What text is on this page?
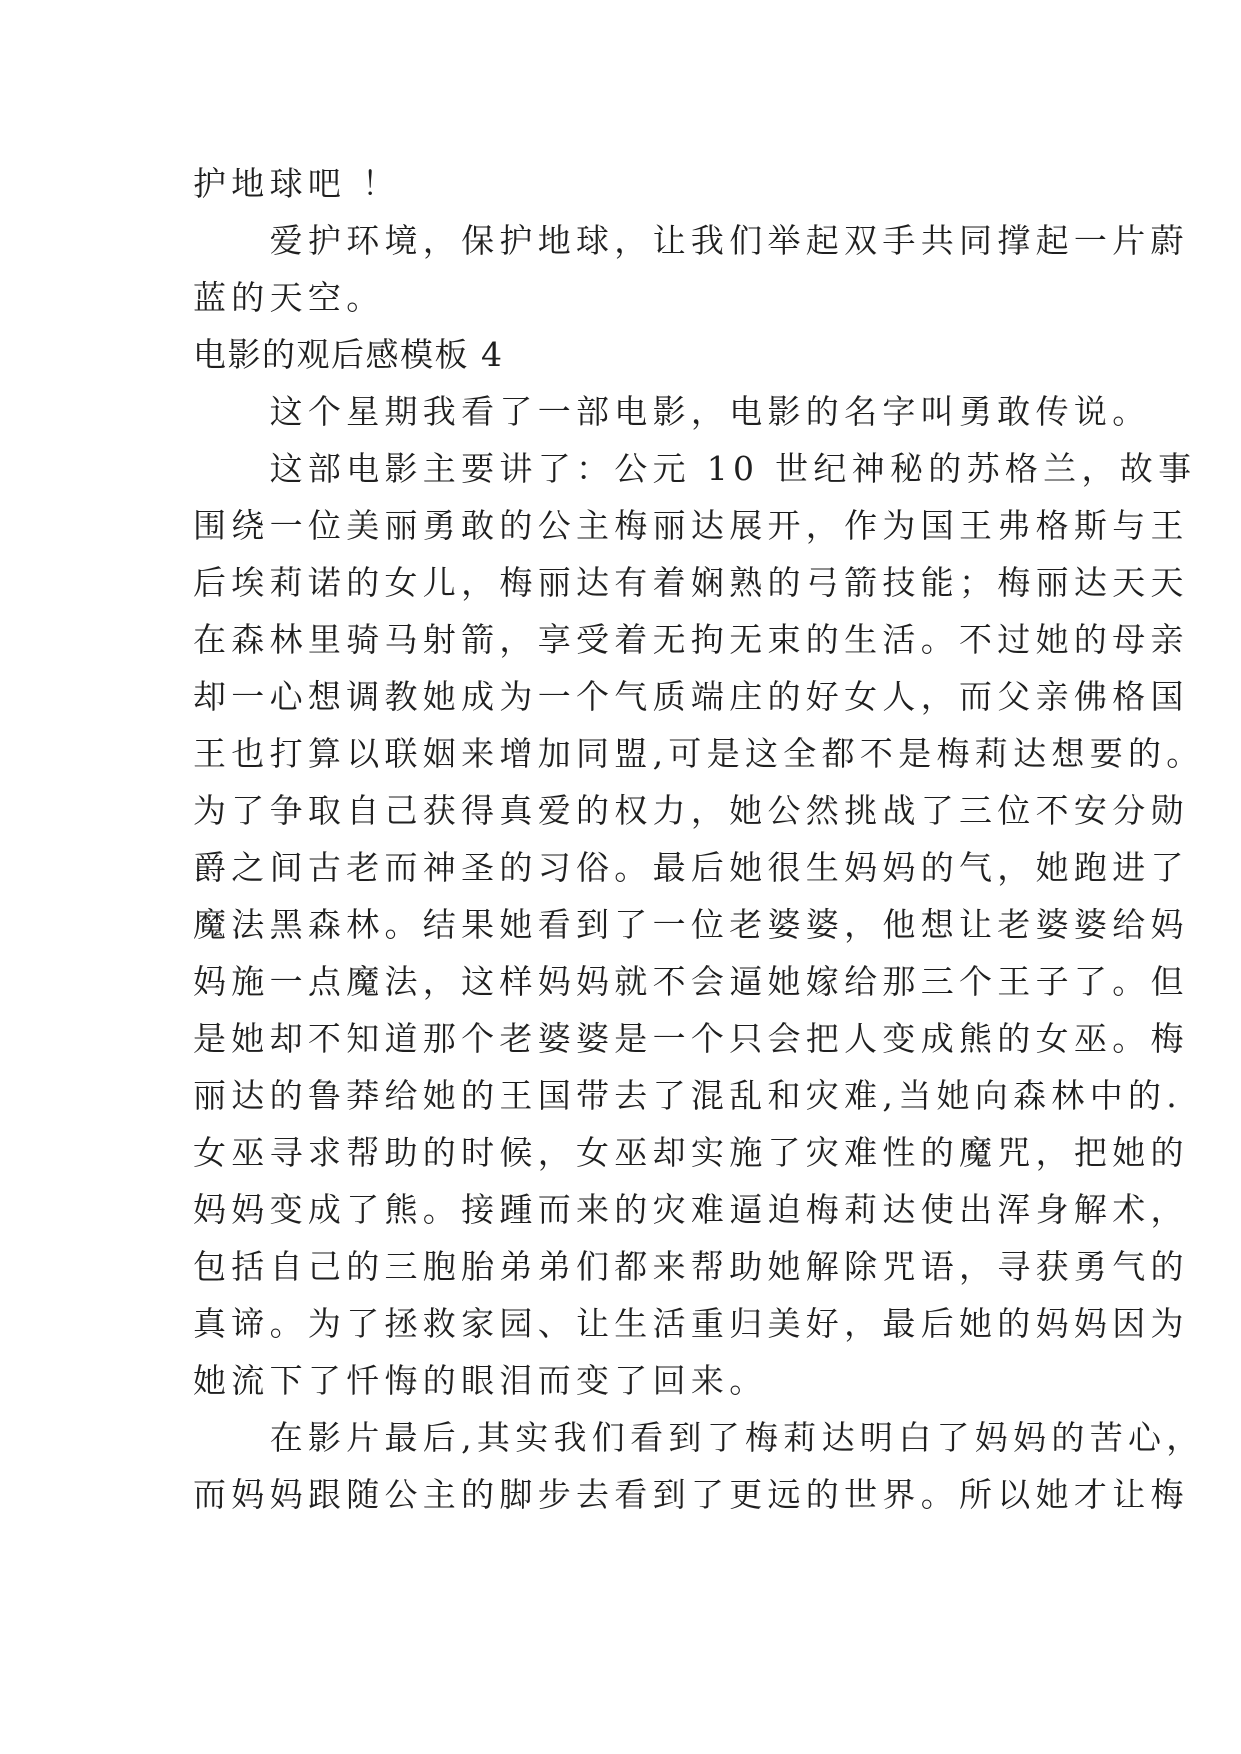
护地球吧 ！

　　爱护环境，保护地球，让我们举起双手共同撑起一片蔚

蓝的天空。

电影的观后感模板 4

　　这个星期我看了一部电影，电影的名字叫勇敢传说。

　　这部电影主要讲了：公元 10 世纪神秘的苏格兰，故事

围绕一位美丽勇敢的公主梅丽达展开，作为国王弗格斯与王

后埃莉诺的女儿，梅丽达有着娴熟的弓箭技能；梅丽达天天

在森林里骑马射箭，享受着无拘无束的生活。不过她的母亲

却一心想调教她成为一个气质端庄的好女人，而父亲佛格国

王也打算以联姻来增加同盟,可是这全都不是梅莉达想要的。

为了争取自己获得真爱的权力，她公然挑战了三位不安分勋

爵之间古老而神圣的习俗。最后她很生妈妈的气，她跑进了

魔法黑森林。结果她看到了一位老婆婆，他想让老婆婆给妈

妈施一点魔法，这样妈妈就不会逼她嫁给那三个王子了。但

是她却不知道那个老婆婆是一个只会把人变成熊的女巫。梅

丽达的鲁莽给她的王国带去了混乱和灾难,当她向森林中的.

女巫寻求帮助的时候，女巫却实施了灾难性的魔咒，把她的

妈妈变成了熊。接踵而来的灾难逼迫梅莉达使出浑身解术，

包括自己的三胞胎弟弟们都来帮助她解除咒语，寻获勇气的

真谛。为了拯救家园、让生活重归美好，最后她的妈妈因为

她流下了忏悔的眼泪而变了回来。

　　在影片最后,其实我们看到了梅莉达明白了妈妈的苦心，

而妈妈跟随公主的脚步去看到了更远的世界。所以她才让梅
